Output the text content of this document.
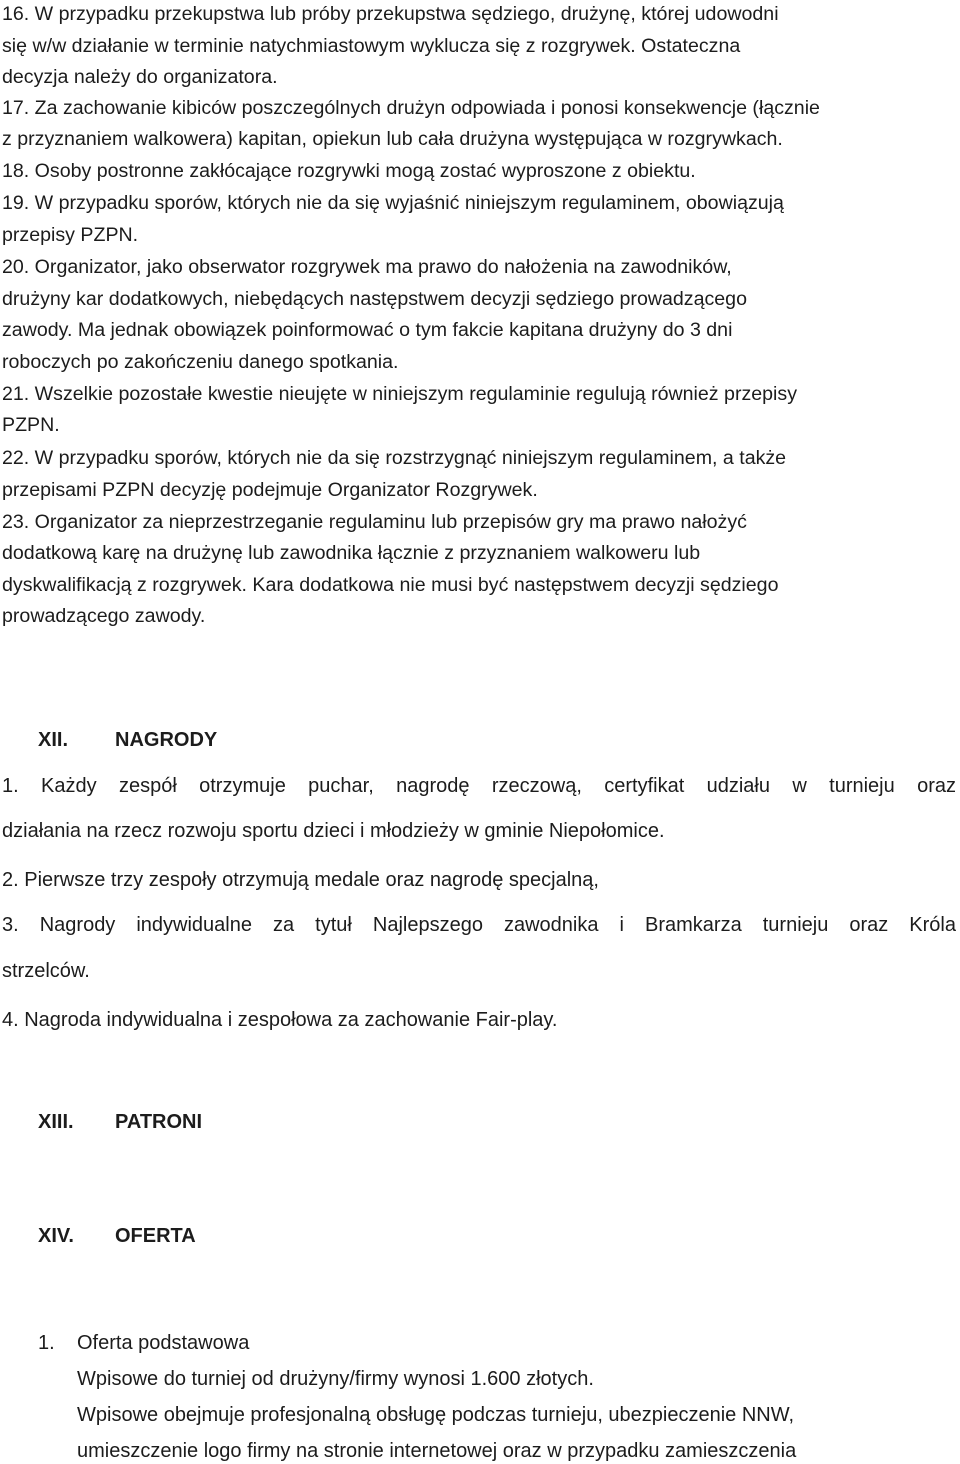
16. W przypadku przekupstwa lub próby przekupstwa sędziego, drużynę, której udowodni
się w/w działanie w terminie natychmiastowym wyklucza się z rozgrywek. Ostateczna
decyzja należy do organizatora.
17. Za zachowanie kibiców poszczególnych drużyn odpowiada i ponosi konsekwencje (łącznie
z przyznaniem walkowera) kapitan, opiekun lub cała drużyna występująca w rozgrywkach.
18. Osoby postronne zakłócające rozgrywki mogą zostać wyproszone z obiektu.
19. W przypadku sporów, których nie da się wyjaśnić niniejszym regulaminem, obowiązują
przepisy PZPN.
20. Organizator, jako obserwator rozgrywek ma prawo do nałożenia na zawodników,
drużyny kar dodatkowych, niebędących następstwem decyzji sędziego prowadzącego
zawody. Ma jednak obowiązek poinformować o tym fakcie kapitana drużyny do 3 dni
roboczych po zakończeniu danego spotkania.
21. Wszelkie pozostałe kwestie nieujęte w niniejszym regulaminie regulują również przepisy
PZPN.
22. W przypadku sporów, których nie da się rozstrzygnąć niniejszym regulaminem, a także
przepisami PZPN decyzję podejmuje Organizator Rozgrywek.
23. Organizator za nieprzestrzeganie regulaminu lub przepisów gry ma prawo nałożyć
dodatkową karę na drużynę lub zawodnika łącznie z przyznaniem walkoweru lub
dyskwalifikacją z rozgrywek. Kara dodatkowa nie musi być następstwem decyzji sędziego
prowadzącego zawody.
XII. NAGRODY
1. Każdy zespół otrzymuje puchar, nagrodę rzeczową, certyfikat udziału w turnieju oraz
działania na rzecz rozwoju sportu dzieci i młodzieży w gminie Niepołomice.
2. Pierwsze trzy zespoły otrzymują medale oraz nagrodę specjalną,
3. Nagrody indywidualne za tytuł Najlepszego zawodnika i Bramkarza turnieju oraz Króla
strzelców.
4. Nagroda indywidualna i zespołowa za zachowanie Fair-play.
XIII. PATRONI
XIV. OFERTA
1. Oferta podstawowa
Wpisowe do turniej od drużyny/firmy wynosi 1.600 złotych.
Wpisowe obejmuje profesjonalną obsługę podczas turnieju, ubezpieczenie NNW,
umieszczenie logo firmy na stronie internetowej oraz w przypadku zamieszczenia
